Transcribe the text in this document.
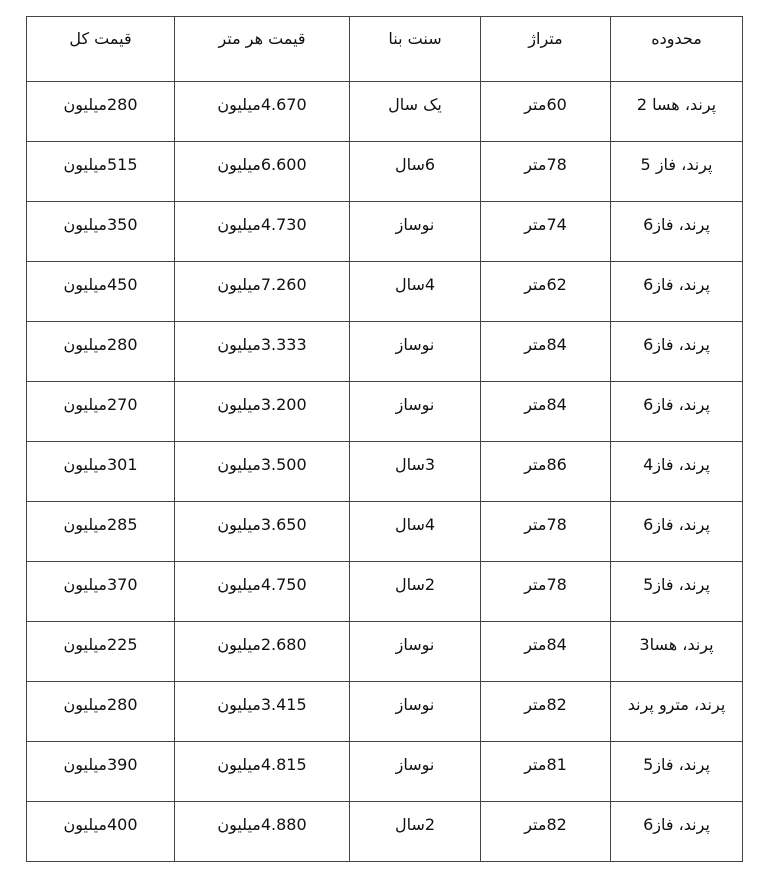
قیمت کل	قیمت هر متر	سنت بنا	متراژ	محدوده

280میلیون	4.670میلیون	یک سال	60متر	پرند، هسا 2

515میلیون	6.600میلیون	6سال	78متر	پرند، فاز 5

350میلیون	4.730میلیون	نوساز	74متر	پرند، فاز6

450میلیون	7.260میلیون	4سال	62متر	پرند، فاز6

280میلیون	3.333میلیون	نوساز	84متر	پرند، فاز6

270میلیون	3.200میلیون	نوساز	84متر	پرند، فاز6

301میلیون	3.500میلیون	3سال	86متر	پرند، فاز4

285میلیون	3.650میلیون	4سال	78متر	پرند، فاز6

370میلیون	4.750میلیون	2سال	78متر	پرند، فاز5

225میلیون	2.680میلیون	نوساز	84متر	پرند، هسا3

280میلیون	3.415میلیون	نوساز	82متر	پرند، مترو پرند

390میلیون	4.815میلیون	نوساز	81متر	پرند، فاز5

400میلیون	4.880میلیون	2سال	82متر	پرند، فاز6
